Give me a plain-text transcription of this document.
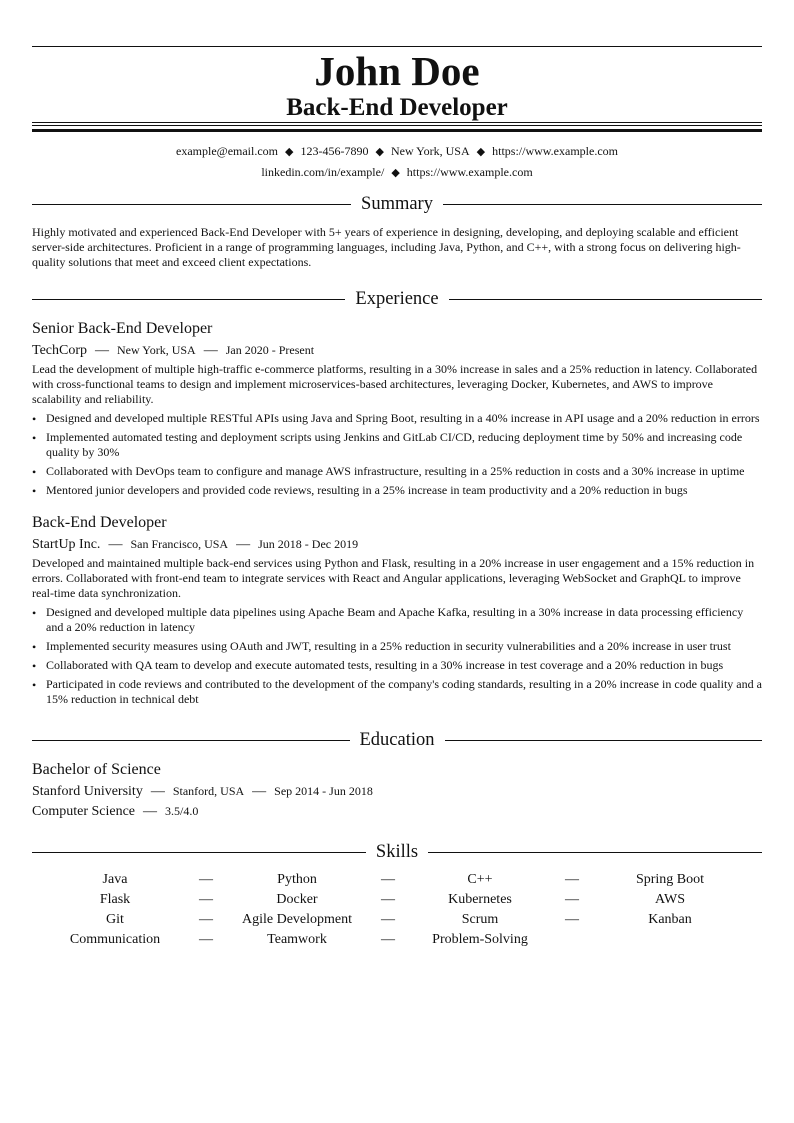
John Doe
Back-End Developer
example@email.com ◆ 123-456-7890 ◆ New York, USA ◆ https://www.example.com
linkedin.com/in/example/ ◆ https://www.example.com
Summary
Highly motivated and experienced Back-End Developer with 5+ years of experience in designing, developing, and deploying scalable and efficient server-side architectures. Proficient in a range of programming languages, including Java, Python, and C++, with a strong focus on delivering high-quality solutions that meet and exceed client expectations.
Experience
Senior Back-End Developer
TechCorp — New York, USA — Jan 2020 - Present
Lead the development of multiple high-traffic e-commerce platforms, resulting in a 30% increase in sales and a 25% reduction in latency. Collaborated with cross-functional teams to design and implement microservices-based architectures, leveraging Docker, Kubernetes, and AWS to improve scalability and reliability.
• Designed and developed multiple RESTful APIs using Java and Spring Boot, resulting in a 40% increase in API usage and a 20% reduction in errors
• Implemented automated testing and deployment scripts using Jenkins and GitLab CI/CD, reducing deployment time by 50% and increasing code quality by 30%
• Collaborated with DevOps team to configure and manage AWS infrastructure, resulting in a 25% reduction in costs and a 30% increase in uptime
• Mentored junior developers and provided code reviews, resulting in a 25% increase in team productivity and a 20% reduction in bugs
Back-End Developer
StartUp Inc. — San Francisco, USA — Jun 2018 - Dec 2019
Developed and maintained multiple back-end services using Python and Flask, resulting in a 20% increase in user engagement and a 15% reduction in errors. Collaborated with front-end team to integrate services with React and Angular applications, leveraging WebSocket and GraphQL to improve real-time data synchronization.
• Designed and developed multiple data pipelines using Apache Beam and Apache Kafka, resulting in a 30% increase in data processing efficiency and a 20% reduction in latency
• Implemented security measures using OAuth and JWT, resulting in a 25% reduction in security vulnerabilities and a 20% increase in user trust
• Collaborated with QA team to develop and execute automated tests, resulting in a 30% increase in test coverage and a 20% reduction in bugs
• Participated in code reviews and contributed to the development of the company's coding standards, resulting in a 20% increase in code quality and a 15% reduction in technical debt
Education
Bachelor of Science
Stanford University — Stanford, USA — Sep 2014 - Jun 2018
Computer Science — 3.5/4.0
Skills
Java	—	Python	—	C++	—	Spring Boot
Flask	—	Docker	—	Kubernetes	—	AWS
Git	—	Agile Development	—	Scrum	—	Kanban
Communication	—	Teamwork	—	Problem-Solving
